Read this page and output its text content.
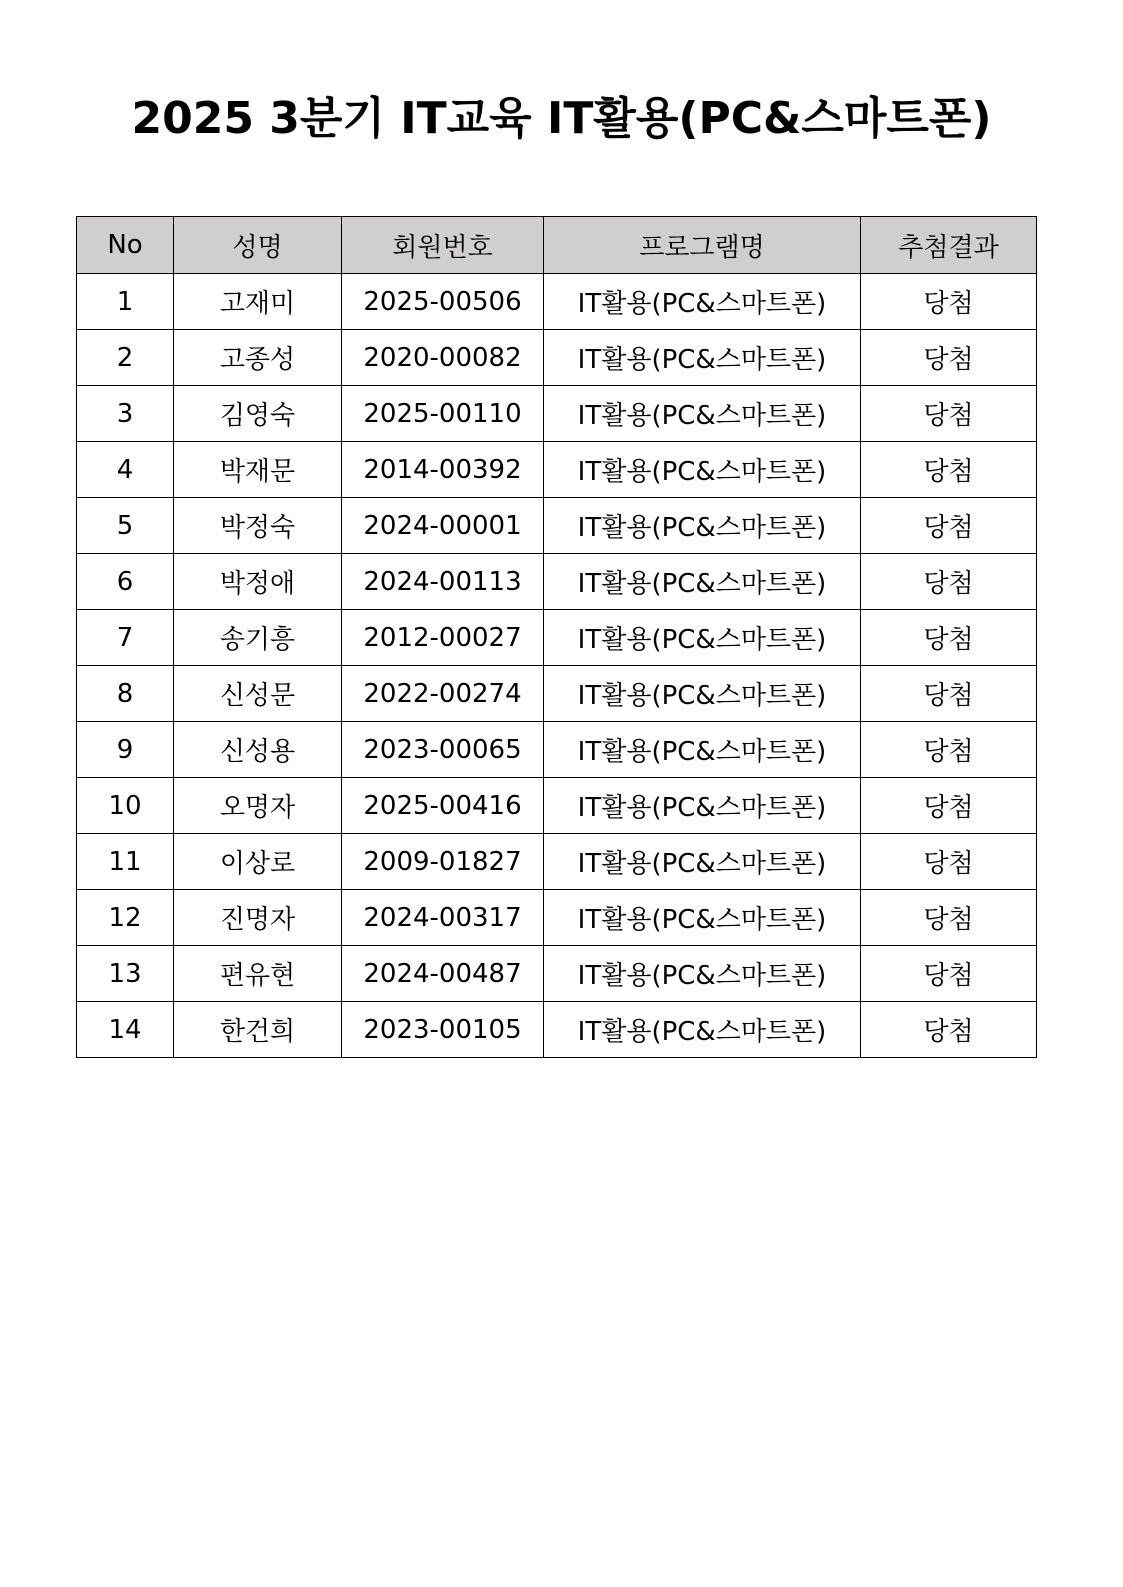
2025 3분기 IT교육 IT활용(PC&스마트폰)
No	성명	회원번호	프로그램명	추첨결과
1	고재미	2025-00506	IT활용(PC&스마트폰)	당첨
2	고종성	2020-00082	IT활용(PC&스마트폰)	당첨
3	김영숙	2025-00110	IT활용(PC&스마트폰)	당첨
4	박재문	2014-00392	IT활용(PC&스마트폰)	당첨
5	박정숙	2024-00001	IT활용(PC&스마트폰)	당첨
6	박정애	2024-00113	IT활용(PC&스마트폰)	당첨
7	송기흥	2012-00027	IT활용(PC&스마트폰)	당첨
8	신성문	2022-00274	IT활용(PC&스마트폰)	당첨
9	신성용	2023-00065	IT활용(PC&스마트폰)	당첨
10	오명자	2025-00416	IT활용(PC&스마트폰)	당첨
11	이상로	2009-01827	IT활용(PC&스마트폰)	당첨
12	진명자	2024-00317	IT활용(PC&스마트폰)	당첨
13	편유현	2024-00487	IT활용(PC&스마트폰)	당첨
14	한건희	2023-00105	IT활용(PC&스마트폰)	당첨
